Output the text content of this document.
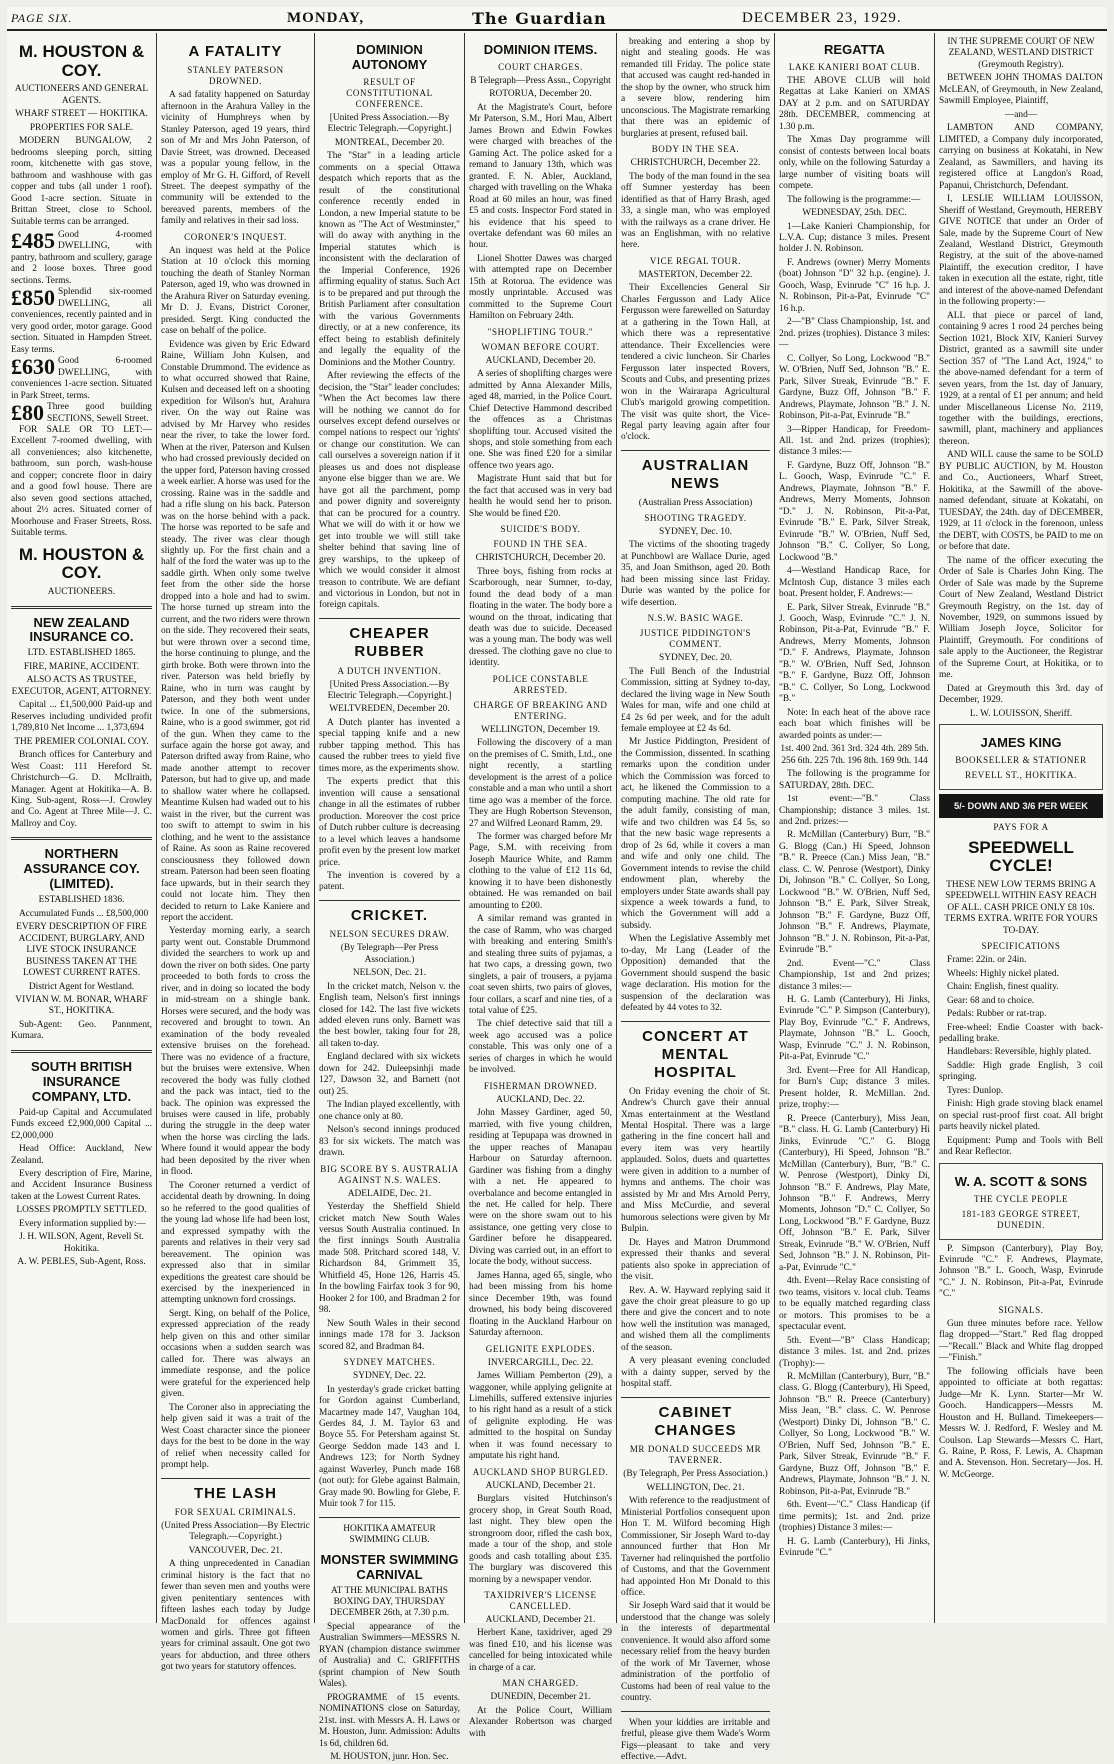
PAGE SIX.	MONDAY,	The Guardian	DECEMBER 23, 1929.
M. HOUSTON & COY.

AUCTIONEERS AND GENERAL AGENTS.

WHARF STREET — HOKITIKA.

PROPERTIES FOR SALE.

MODERN BUNGALOW, 2 bedrooms sleeping porch, sitting room, kitchenette with gas stove, bathroom and washhouse with gas copper and tubs (all under 1 roof). Good 1-acre section. Situate in Brittan Street, close to School. Suitable terms can be arranged.

£485 Good 4-roomed DWELLING, with pantry, bathroom and scullery, garage and 2 loose boxes. Three good sections. Terms.
£850 Splendid six-roomed DWELLING, all conveniences, recently painted and in very good order, motor garage. Good section. Situated in Hampden Street. Easy terms.
£630 Good 6-roomed DWELLING, with conveniences 1-acre section. Situated in Park Street, terms.
£80 Three good building SECTIONS, Sewell Street.

FOR SALE OR TO LET:—Excellent 7-roomed dwelling, with all conveniences; also kitchenette, bathroom, sun porch, wash-house and copper; concrete floor in dairy and a good fowl house. There are also seven good sections attached, about 2½ acres. Situated corner of Moorhouse and Fraser Streets, Ross. Suitable terms.

M. HOUSTON & COY.

AUCTIONEERS.

NEW ZEALAND INSURANCE CO.

LTD. ESTABLISHED 1865.

FIRE, MARINE, ACCIDENT.

ALSO ACTS AS TRUSTEE, EXECUTOR, AGENT, ATTORNEY.

Capital ... £1,500,000 Paid-up and Reserves including undivided profit 1,789,810 Net Income ... 1,373,694

THE PREMIER COLONIAL COY.

Branch offices for Canterbury and West Coast: 111 Hereford St. Christchurch—G. D. McIlraith, Manager. Agent at Hokitika—A. B. King. Sub-agent, Ross—J. Crowley and Co. Agent at Three Mile—J. C. Mallroy and Coy.

NORTHERN ASSURANCE COY. (LIMITED).

ESTABLISHED 1836.

Accumulated Funds ... £8,500,000

EVERY DESCRIPTION OF FIRE ACCIDENT, BURGLARY, AND LIVE STOCK INSURANCE BUSINESS TAKEN AT THE LOWEST CURRENT RATES.

District Agent for Westland.

VIVIAN W. M. BONAR, WHARF ST., HOKITIKA.

Sub-Agent: Geo. Pannment, Kumara.

SOUTH BRITISH INSURANCE COMPANY, LTD.

Paid-up Capital and Accumulated Funds exceed £2,900,000 Capital ... £2,000,000

Head Office: Auckland, New Zealand.

Every description of Fire, Marine, and Accident Insurance Business taken at the Lowest Current Rates.

LOSSES PROMPTLY SETTLED.

Every information supplied by:—

J. H. WILSON, Agent, Revell St. Hokitika.

A. W. PEBLES, Sub-Agent, Ross.

A FATALITY

STANLEY PATERSON DROWNED.

A sad fatality happened on Saturday afternoon in the Arahura Valley in the vicinity of Humphreys when by Stanley Paterson, aged 19 years, third son of Mr and Mrs John Paterson, of Davie Street, was drowned. Deceased was a popular young fellow, in the employ of Mr G. H. Gifford, of Revell Street. The deepest sympathy of the community will be extended to the bereaved parents, members of the family and relatives in their sad loss.

CORONER'S INQUEST.

An inquest was held at the Police Station at 10 o'clock this morning touching the death of Stanley Norman Paterson, aged 19, who was drowned in the Arahura River on Saturday evening. Mr D. J. Evans, District Coroner, presided. Sergt. King conducted the case on behalf of the police.

Evidence was given by Eric Edward Raine, William John Kulsen, and Constable Drummond. The evidence as to what occurred showed that Raine, Kulsen and deceased left on a shooting expedition for Wilson's hut, Arahura river. On the way out Raine was advised by Mr Harvey who resides near the river, to take the lower ford. When at the river, Paterson and Kulsen who had crossed previously decided on the upper ford, Paterson having crossed a week earlier. A horse was used for the crossing. Raine was in the saddle and had a rifle slung on his back. Paterson was on the horse behind with a pack. The horse was reported to be safe and steady. The river was clear though slightly up. For the first chain and a half of the ford the water was up to the saddle girth. When only some twelve feet from the other side the horse dropped into a hole and had to swim. The horse turned up stream into the current, and the two riders were thrown on the side. They recovered their seats, but were thrown over a second time, the horse continuing to plunge, and the girth broke. Both were thrown into the river. Paterson was held briefly by Raine, who in turn was caught by Paterson, and they both went under twice. In one of the submersions, Raine, who is a good swimmer, got rid of the gun. When they came to the surface again the horse got away, and Paterson drifted away from Raine, who made another attempt to recover Paterson, but had to give up, and made to shallow water where he collapsed. Meantime Kulsen had waded out to his waist in the river, but the current was too swift to attempt to swim in his clothing, and he went to the assistance of Raine. As soon as Raine recovered consciousness they followed down stream. Paterson had been seen floating face upwards, but in their search they could not locate him. They then decided to return to Lake Kaniere and report the accident.

Yesterday morning early, a search party went out. Constable Drummond divided the searchers to work up and down the river on both sides. One party proceeded to both fords to cross the river, and in doing so located the body in mid-stream on a shingle bank. Horses were secured, and the body was recovered and brought to town. An examination of the body revealed extensive bruises on the forehead. There was no evidence of a fracture, but the bruises were extensive. When recovered the body was fully clothed and the pack was intact, tied to the back. The opinion was expressed the bruises were caused in life, probably during the struggle in the deep water when the horse was circling the lads. Where found it would appear the body had been deposited by the river when in flood.

The Coroner returned a verdict of accidental death by drowning. In doing so he referred to the good qualities of the young lad whose life had been lost, and expressed sympathy with the parents and relatives in their very sad bereavement. The opinion was expressed also that in similar expeditions the greatest care should be exercised by the inexperienced in attempting unknown ford crossings.

Sergt. King, on behalf of the Police, expressed appreciation of the ready help given on this and other similar occasions when a sudden search was called for. There was always an immediate response, and the police were grateful for the experienced help given.

The Coroner also in appreciating the help given said it was a trait of the West Coast character since the pioneer days for the best to be done in the way of relief when necessity called for prompt help.

THE LASH

FOR SEXUAL CRIMINALS.

(United Press Association—By Electric Telegraph.—Copyright.)

VANCOUVER, Dec. 21.

A thing unprecedented in Canadian criminal history is the fact that no fewer than seven men and youths were given penitentiary sentences with fifteen lashes each today by Judge MacDonald for offences against women and girls. Three got fifteen years for criminal assault. One got two years for abduction, and three others got two years for statutory offences.

DOMINION AUTONOMY

RESULT OF CONSTITUTIONAL CONFERENCE.

[United Press Association.—By Electric Telegraph.—Copyright.]

MONTREAL, December 20.

The "Star" in a leading article comments on a special Ottawa despatch which reports that as the result of the constitutional conference recently ended in London, a new Imperial statute to be known as "The Act of Westminster," will do away with anything in the Imperial statutes which is inconsistent with the declaration of the Imperial Conference, 1926 affirming equality of status. Such Act is to be prepared and put through the British Parliament after consultation with the various Governments directly, or at a new conference, its effect being to establish definitely and legally the equality of the Dominions and the Mother Country.

After reviewing the effects of the decision, the "Star" leader concludes: "When the Act becomes law there will be nothing we cannot do for ourselves except defend ourselves or compel nations to respect our 'rights' or change our constitution. We can call ourselves a sovereign nation if it pleases us and does not displease anyone else bigger than we are. We have got all the parchment, pomp and power dignity and sovereignty that can be procured for a country. What we will do with it or how we get into trouble we will still take shelter behind that saving line of grey warships, to the upkeep of which we would consider it almost treason to contribute. We are defiant and victorious in London, but not in foreign capitals.

CHEAPER RUBBER

A DUTCH INVENTION.

[United Press Association.—By Electric Telegraph.—Copyright.]

WELTVREDEN, December 20.

A Dutch planter has invented a special tapping knife and a new rubber tapping method. This has caused the rubber trees to yield five times more, as the experiments show.

The experts predict that this invention will cause a sensational change in all the estimates of rubber production. Moreover the cost price of Dutch rubber culture is decreasing to a level which leaves a handsome profit even by the present low market price.

The invention is covered by a patent.

CRICKET.

NELSON SECURES DRAW.

(By Telegraph—Per Press Association.)

NELSON, Dec. 21.

In the cricket match, Nelson v. the English team, Nelson's first innings closed for 142. The last five wickets added eleven runs only. Barnett was the best bowler, taking four for 28, all taken to-day.

England declared with six wickets down for 242. Duleepsinhji made 127, Dawson 32, and Barnett (not out) 25.

The Indian played excellently, with one chance only at 80.

Nelson's second innings produced 83 for six wickets. The match was drawn.

BIG SCORE BY S. AUSTRALIA AGAINST N.S. WALES.

ADELAIDE, Dec. 21.

Yesterday the Sheffield Shield cricket match New South Wales versus South Australia continued. In the first innings South Australia made 508. Pritchard scored 148, V. Richardson 84, Grimmett 35, Whitfield 45, Hone 126, Harris 45. In the bowling Fairfax took 3 for 90, Hooker 2 for 100, and Bradman 2 for 98.

New South Wales in their second innings made 178 for 3. Jackson scored 82, and Bradman 84.

SYDNEY MATCHES.

SYDNEY, Dec. 22.

In yesterday's grade cricket batting for Gordon against Cumberland, Macartney made 147, Vaughan 104, Gerdes 84, J. M. Taylor 63 and Boyce 55. For Petersham against St. George Seddon made 143 and I. Andrews 123; for North Sydney against Waverley, Punch made 168 (not out): for Glebe against Balmain, Gray made 90. Bowling for Glebe, F. Muir took 7 for 115.

HOKITIKA AMATEUR SWIMMING CLUB.

MONSTER SWIMMING CARNIVAL

AT THE MUNICIPAL BATHS BOXING DAY, THURSDAY DECEMBER 26th, at 7.30 p.m.

Special appearance of the Australian Swimmers—MESSRS N. RYAN (champion distance swimmer of Australia) and C. GRIFFITHS (sprint champion of New South Wales).

PROGRAMME of 15 events. NOMINATIONS close on Saturday, 21st. inst. with Messrs A. H. Laws or M. Houston, Junr. Admission: Adults 1s 6d, children 6d.

M. HOUSTON, junr. Hon. Sec.

DOMINION ITEMS.

COURT CHARGES.

B Telegraph—Press Assn., Copyright

ROTORUA, December 20.

At the Magistrate's Court, before Mr Paterson, S.M., Hori Mau, Albert James Brown and Edwin Fowkes were charged with breaches of the Gaming Act. The police asked for a remand to January 13th, which was granted. F. N. Abler, Auckland, charged with travelling on the Whaka Road at 60 miles an hour, was fined £5 and costs. Inspector Ford stated in his evidence that his speed to overtake defendant was 60 miles an hour.

Lionel Shotter Dawes was charged with attempted rape on December 15th at Rotorua. The evidence was mostly unprintable. Accused was committed to the Supreme Court Hamilton on February 24th.

"SHOPLIFTING TOUR."

WOMAN BEFORE COURT.

AUCKLAND, December 20.

A series of shoplifting charges were admitted by Anna Alexander Mills, aged 48, married, in the Police Court. Chief Detective Hammond described the offences as a Christmas shoplifting tour. Accused visited the shops, and stole something from each one. She was fined £20 for a similar offence two years ago.

Magistrate Hunt said that but for the fact that accused was in very bad health he would send her to prison. She would be fined £20.

SUICIDE'S BODY.

FOUND IN THE SEA.

CHRISTCHURCH, December 20.

Three boys, fishing from rocks at Scarborough, near Sumner, to-day, found the dead body of a man floating in the water. The body bore a wound on the throat, indicating that death was due to suicide. Deceased was a young man. The body was well dressed. The clothing gave no clue to identity.

POLICE CONSTABLE ARRESTED.

CHARGE OF BREAKING AND ENTERING.

WELLINGTON, December 19.

Following the discovery of a man on the premises of C. Smith, Ltd., one night recently, a startling development is the arrest of a police constable and a man who until a short time ago was a member of the force. They are Hugh Robertson Stevenson, 27 and Wilfred Leonard Ramm, 29.

The former was charged before Mr Page, S.M. with receiving from Joseph Maurice White, and Ramm clothing to the value of £12 11s 6d, knowing it to have been dishonestly obtained. He was remanded on bail amounting to £200.

A similar remand was granted in the case of Ramm, who was charged with breaking and entering Smith's and stealing three suits of pyjamas, a hat two caps, a dressing gown, two singlets, a pair of trousers, a pyjama coat seven shirts, two pairs of gloves, four collars, a scarf and nine ties, of a total value of £25.

The chief detective said that till a week ago accused was a police constable. This was only one of a series of charges in which he would be involved.

FISHERMAN DROWNED.

AUCKLAND, Dec. 22.

John Massey Gardiner, aged 50, married, with five young children, residing at Tepupapa was drowned in the upper reaches of Manapau Harbour on Saturday afternoon. Gardiner was fishing from a dinghy with a net. He appeared to overbalance and become entangled in the net. He called for help. There were on the shore swam out to his assistance, one getting very close to Gardiner before he disappeared. Diving was carried out, in an effort to locate the body, without success.

James Hanna, aged 65, single, who had been missing from his home since December 19th, was found drowned, his body being discovered floating in the Auckland Harbour on Saturday afternoon.

GELIGNITE EXPLODES.

INVERCARGILL, Dec. 22.

James William Pemberton (29), a waggoner, while applying gelignite at Limehills, suffered extensive injuries to his right hand as a result of a stick of gelignite exploding. He was admitted to the hospital on Sunday when it was found necessary to amputate his right hand.

AUCKLAND SHOP BURGLED.

AUCKLAND, December 21.

Burglars visited Hutchinson's grocery shop, in Great South Road, last night. They blew open the strongroom door, rifled the cash box, made a tour of the shop, and stole goods and cash totalling about £35. The burglary was discovered this morning by a newspaper vendor.

TAXIDRIVER'S LICENSE CANCELLED.

AUCKLAND, December 21.

Herbert Kane, taxidriver, aged 29 was fined £10, and his license was cancelled for being intoxicated while in charge of a car.

MAN CHARGED.

DUNEDIN, December 21.

At the Police Court, William Alexander Robertson was charged with

breaking and entering a shop by night and stealing goods. He was remanded till Friday. The police state that accused was caught red-handed in the shop by the owner, who struck him a severe blow, rendering him unconscious. The Magistrate remarking that there was an epidemic of burglaries at present, refused bail.

BODY IN THE SEA.

CHRISTCHURCH, December 22.

The body of the man found in the sea off Sumner yesterday has been identified as that of Harry Brash, aged 33, a single man, who was employed with the railways as a crane driver. He was an Englishman, with no relative here.

VICE REGAL TOUR.

MASTERTON, December 22.

Their Excellencies General Sir Charles Fergusson and Lady Alice Fergusson were farewelled on Saturday at a gathering in the Town Hall, at which there was a representative attendance. Their Excellencies were tendered a civic luncheon. Sir Charles Fergusson later inspected Rovers, Scouts and Cubs, and presenting prizes won in the Wairarapa Agricultural Club's marigold growing competition. The visit was quite short, the Vice-Regal party leaving again after four o'clock.

AUSTRALIAN NEWS

(Australian Press Association)

SHOOTING TRAGEDY.

SYDNEY, Dec. 10.

The victims of the shooting tragedy at Punchbowl are Wallace Durie, aged 35, and Joan Smithson, aged 20. Both had been missing since last Friday. Durie was wanted by the police for wife desertion.

N.S.W. BASIC WAGE.

JUSTICE PIDDINGTON'S COMMENT.

SYDNEY, Dec. 20.

The Full Bench of the Industrial Commission, sitting at Sydney to-day, declared the living wage in New South Wales for man, wife and one child at £4 2s 6d per week, and for the adult female employee at £2 4s 6d.

Mr Justice Piddington, President of the Commission, dissented. In scathing remarks upon the condition under which the Commission was forced to act, he likened the Commission to a computing machine. The old rate for the adult family, consisting of man, wife and two children was £4 5s, so that the new basic wage represents a drop of 2s 6d, while it covers a man and wife and only one child. The Government intends to revise the child endowment plan, whereby the employers under State awards shall pay sixpence a week towards a fund, to which the Government will add a subsidy.

When the Legislative Assembly met to-day, Mr Lang (Leader of the Opposition) demanded that the Government should suspend the basic wage declaration. His motion for the suspension of the declaration was defeated by 44 votes to 32.

CONCERT AT MENTAL HOSPITAL

On Friday evening the choir of St. Andrew's Church gave their annual Xmas entertainment at the Westland Mental Hospital. There was a large gathering in the fine concert hall and every item was very heartily applauded. Solos, duets and quartettes were given in addition to a number of hymns and anthems. The choir was assisted by Mr and Mrs Arnold Perry, and Miss McCurdie, and several humorous selections were given by Mr Bulpin.

Dr. Hayes and Matron Drummond expressed their thanks and several patients also spoke in appreciation of the visit.

Rev. A. W. Hayward replying said it gave the choir great pleasure to go up there and give the concert and to note how well the institution was managed, and wished them all the compliments of the season.

A very pleasant evening concluded with a dainty supper, served by the hospital staff.

CABINET CHANGES

MR DONALD SUCCEEDS MR TAVERNER.

(By Telegraph, Per Press Association.)

WELLINGTON, Dec. 21.

With reference to the readjustment of Ministerial Portfolios consequent upon Hon T. M. Wilford becoming High Commissioner, Sir Joseph Ward to-day announced further that Hon Mr Taverner had relinquished the portfolio of Customs, and that the Government had appointed Hon Mr Donald to this office.

Sir Joseph Ward said that it would be understood that the change was solely in the interests of departmental convenience. It would also afford some necessary relief from the heavy burden of the work of Mr Taverner, whose administration of the portfolio of Customs had been of real value to the country.

When your kiddies are irritable and fretful, please give them Wade's Worm Figs—pleasant to take and very effective.—Advt.

REGATTA

LAKE KANIERI BOAT CLUB.

THE ABOVE CLUB will hold Regattas at Lake Kanieri on XMAS DAY at 2 p.m. and on SATURDAY 28th. DECEMBER, commencing at 1.30 p.m.

The Xmas Day programme will consist of contests between local boats only, while on the following Saturday a large number of visiting boats will compete.

The following is the programme:—

WEDNESDAY, 25th. DEC.

1—Lake Kanieri Championship, for L.V.A. Cup; distance 3 miles. Present holder J. N. Robinson.

F. Andrews (owner) Merry Moments (boat) Johnson "D" 32 h.p. (engine). J. Gooch, Wasp, Evinrude "C" 16 h.p. J. N. Robinson, Pit-a-Pat, Evinrude "C" 16 h.p.

2—"B" Class Championship, 1st. and 2nd. prizes (trophies). Distance 3 miles:—

C. Collyer, So Long, Lockwood "B." W. O'Brien, Nuff Sed, Johnson "B." E. Park, Silver Streak, Evinrude "B." F. Gardyne, Buzz Off, Johnson "B." F. Andrews, Playmate, Johnson "B." J. N. Robinson, Pit-a-Pat, Evinrude "B."

3—Ripper Handicap, for Freedom-All. 1st. and 2nd. prizes (trophies); distance 3 miles:—

F. Gardyne, Buzz Off, Johnson "B." L. Gooch, Wasp, Evinrude "C." F. Andrews, Playmate, Johnson "B." F. Andrews, Merry Moments, Johnson "D." J. N. Robinson, Pit-a-Pat, Evinrude "B." E. Park, Silver Streak, Evinrude "B." W. O'Brien, Nuff Sed, Johnson "B." C. Collyer, So Long, Lockwood "B."

4—Westland Handicap Race, for McIntosh Cup, distance 3 miles each boat. Present holder, F. Andrews:—

E. Park, Silver Streak, Evinrude "B." J. Gooch, Wasp, Evinrude "C." J. N. Robinson, Pit-a-Pat, Evinrude "B." F. Andrews, Merry Moments, Johnson "D." F. Andrews, Playmate, Johnson "B." W. O'Brien, Nuff Sed, Johnson "B." F. Gardyne, Buzz Off, Johnson "B." C. Collyer, So Long, Lockwood "B."

Note: In each heat of the above race each boat which finishes will be awarded points as under:—

1st. 400 2nd. 361 3rd. 324 4th. 289 5th. 256 6th. 225 7th. 196 8th. 169 9th. 144

The following is the programme for SATURDAY, 28th. DEC.

1st event:—"B." Class Championship; distance 3 miles. 1st. and 2nd. prizes:—

R. McMillan (Canterbury) Burr, "B." G. Blogg (Can.) Hi Speed, Johnson "B." R. Preece (Can.) Miss Jean, "B." class. C. W. Penrose (Westport), Dinky Di, Johnson "B." C. Collyer, So Long, Lockwood "B." W. O'Brien, Nuff Sed, Johnson "B." E. Park, Silver Streak, Johnson "B." F. Gardyne, Buzz Off, Johnson "B." F. Andrews, Playmate, Johnson "B." J. N. Robinson, Pit-a-Pat, Evinrude "B."

2nd. Event—"C." Class Championship, 1st and 2nd prizes; distance 3 miles:—

H. G. Lamb (Canterbury), Hi Jinks, Evinrude "C." P. Simpson (Canterbury), Play Boy, Evinrude "C." F. Andrews, Playmate, Johnson "B." L. Gooch, Wasp, Evinrude "C." J. N. Robinson, Pit-a-Pat, Evinrude "C."

3rd. Event—Free for All Handicap, for Burn's Cup; distance 3 miles. Present holder, R. McMillan. 2nd. prize, trophy:—

R. Preece (Canterbury), Miss Jean, "B." class. H. G. Lamb (Canterbury) Hi Jinks, Evinrude "C." G. Blogg (Canterbury), Hi Speed, Johnson "B." McMillan (Canterbury), Burr, "B." C. W. Penrose (Westport), Dinky Di, Johnson "B." F. Andrews, Play Mate, Johnson "B." F. Andrews, Merry Moments, Johnson "D." C. Collyer, So Long, Lockwood "B." F. Gardyne, Buzz Off, Johnson "B." E. Park, Silver Streak, Evinrude "B." W. O'Brien, Nuff Sed, Johnson "B." J. N. Robinson, Pit-a-Pat, Evinrude "C."

4th. Event—Relay Race consisting of two teams, visitors v. local club. Teams to be equally matched regarding class or motors. This promises to be a spectacular event.

5th. Event—"B" Class Handicap; distance 3 miles. 1st. and 2nd. prizes (Trophy):—

R. McMillan (Canterbury), Burr, "B." class. G. Blogg (Canterbury), Hi Speed, Johnson "B." R. Preece (Canterbury) Miss Jean, "B." class. C. W. Penrose (Westport) Dinky Di, Johnson "B." C. Collyer, So Long, Lockwood "B." W. O'Brien, Nuff Sed, Johnson "B." E. Park, Silver Streak, Evinrude "B." F. Gardyne, Buzz Off, Johnson "B." F. Andrews, Playmate, Johnson "B." J. N. Robinson, Pit-a-Pat, Evinrude "B."

6th. Event—"C." Class Handicap (if time permits); 1st. and 2nd. prize (trophies) Distance 3 miles:—

H. G. Lamb (Canterbury), Hi Jinks, Evinrude "C."

IN THE SUPREME COURT OF NEW ZEALAND, WESTLAND DISTRICT (Greymouth Registry).

BETWEEN JOHN THOMAS DALTON McLEAN, of Greymouth, in New Zealand, Sawmill Employee, Plaintiff,

—and—

LAMBTON AND COMPANY, LIMITED, a Company duly incorporated, carrying on business at Kokatahi, in New Zealand, as Sawmillers, and having its registered office at Langdon's Road, Papanui, Christchurch, Defendant.

I, LESLIE WILLIAM LOUISSON, Sheriff of Westland, Greymouth, HEREBY GIVE NOTICE that under an Order of Sale, made by the Supreme Court of New Zealand, Westland District, Greymouth Registry, at the suit of the above-named Plaintiff, the execution creditor, I have taken in execution all the estate, right, title and interest of the above-named Defendant in the following property:—

ALL that piece or parcel of land, containing 9 acres 1 rood 24 perches being Section 1021, Block XIV, Kanieri Survey District, granted as a sawmill site under Section 357 of "The Land Act, 1924," to the above-named defendant for a term of seven years, from the 1st. day of January, 1929, at a rental of £1 per annum; and held under Miscellaneous License No. 2119, together with the buildings, erections, sawmill, plant, machinery and appliances thereon.

AND WILL cause the same to be SOLD BY PUBLIC AUCTION, by M. Houston and Co., Auctioneers, Wharf Street, Hokitika, at the Sawmill of the above-named defendant, situate at Kokatahi, on TUESDAY, the 24th. day of DECEMBER, 1929, at 11 o'clock in the forenoon, unless the DEBT, with COSTS, be PAID to me on or before that date.

The name of the officer executing the Order of Sale is Charles John King. The Order of Sale was made by the Supreme Court of New Zealand, Westland District Greymouth Registry, on the 1st. day of November, 1929, on summons issued by William Joseph Joyce, Solicitor for Plaintiff, Greymouth. For conditions of sale apply to the Auctioneer, the Registrar of the Supreme Court, at Hokitika, or to me.

Dated at Greymouth this 3rd. day of December, 1929.

L. W. LOUISSON, Sheriff.

JAMES KING

BOOKSELLER & STATIONER

REVELL ST., HOKITIKA.

5/- DOWN AND 3/6 PER WEEK

PAYS FOR A

SPEEDWELL CYCLE!

THESE NEW LOW TERMS BRING A SPEEDWELL WITHIN EASY REACH OF ALL. CASH PRICE ONLY £8 10s. TERMS EXTRA. WRITE FOR YOURS TO-DAY.

SPECIFICATIONS

Frame: 22in. or 24in.

Wheels: Highly nickel plated.

Chain: English, finest quality.

Gear: 68 and to choice.

Pedals: Rubber or rat-trap.

Free-wheel: Endie Coaster with back-pedalling brake.

Handlebars: Reversible, highly plated.

Saddle: High grade English, 3 coil springing.

Tyres: Dunlop.

Finish: High grade stoving black enamel on special rust-proof first coat. All bright parts heavily nickel plated.

Equipment: Pump and Tools with Bell and Rear Reflector.

W. A. SCOTT & SONS

THE CYCLE PEOPLE

181-183 GEORGE STREET, DUNEDIN.

P. Simpson (Canterbury), Play Boy, Evinrude "C." F. Andrews, Playmate, Johnson "B." L. Gooch, Wasp, Evinrude "C." J. N. Robinson, Pit-a-Pat, Evinrude "C."

SIGNALS.

Gun three minutes before race. Yellow flag dropped—"Start." Red flag dropped—"Recall." Black and White flag dropped—"Finish."

The following officials have been appointed to officiate at both regattas: Judge—Mr K. Lynn. Starter—Mr W. Gooch. Handicappers—Messrs M. Houston and H. Bulland. Timekeepers—Messrs W. J. Redford, F. Wesley and M. Coulson. Lap Stewards—Messrs C. Hart, G. Raine, P. Ross, F. Lewis, A. Chapman and A. Stevenson. Hon. Secretary—Jos. H. W. McGeorge.
